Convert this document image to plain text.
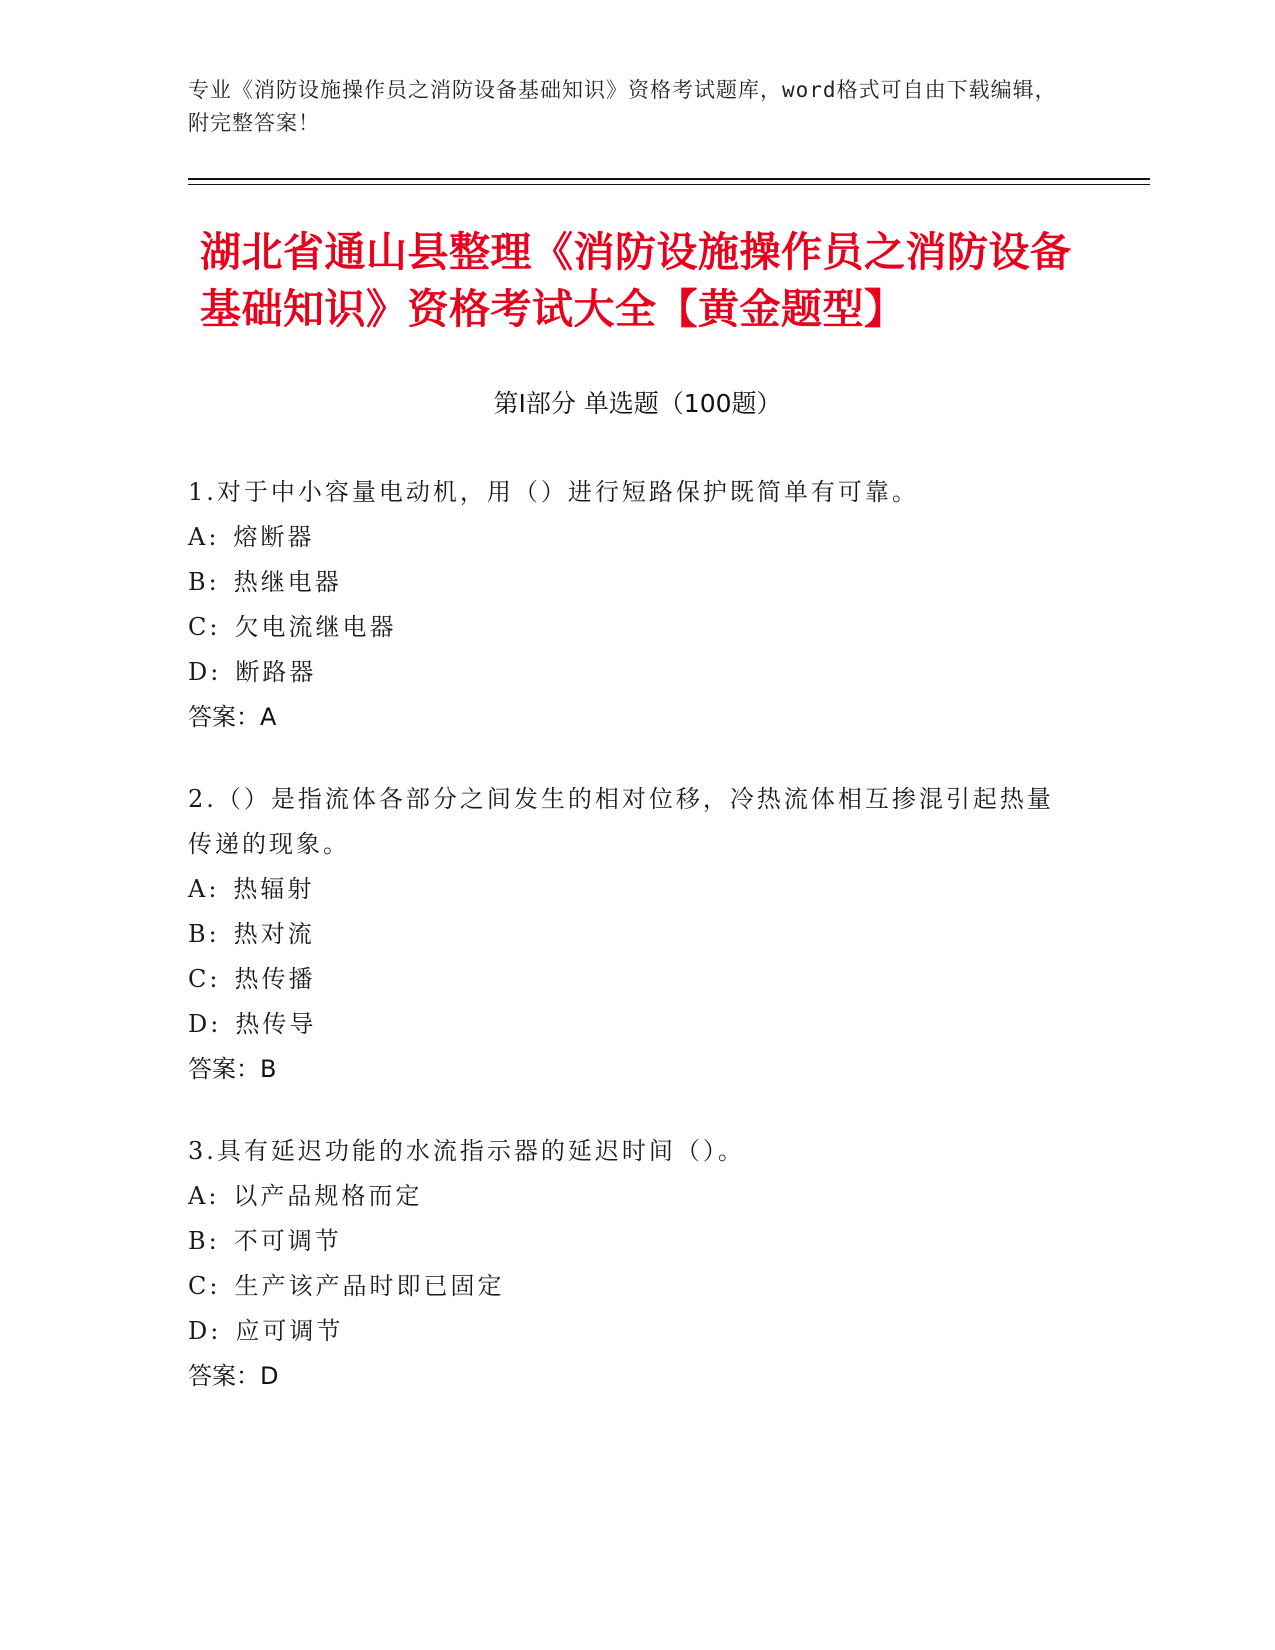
专业《消防设施操作员之消防设备基础知识》资格考试题库，word格式可自由下载编辑，附完整答案！
湖北省通山县整理《消防设施操作员之消防设备基础知识》资格考试大全【黄金题型】
第Ⅰ部分 单选题（100题）
1.对于中小容量电动机，用（）进行短路保护既简单有可靠。
A: 熔断器
B: 热继电器
C: 欠电流继电器
D: 断路器
答案：A
2.（）是指流体各部分之间发生的相对位移，冷热流体相互掺混引起热量传递的现象。
A: 热辐射
B: 热对流
C: 热传播
D: 热传导
答案：B
3.具有延迟功能的水流指示器的延迟时间（）。
A: 以产品规格而定
B: 不可调节
C: 生产该产品时即已固定
D: 应可调节
答案：D
